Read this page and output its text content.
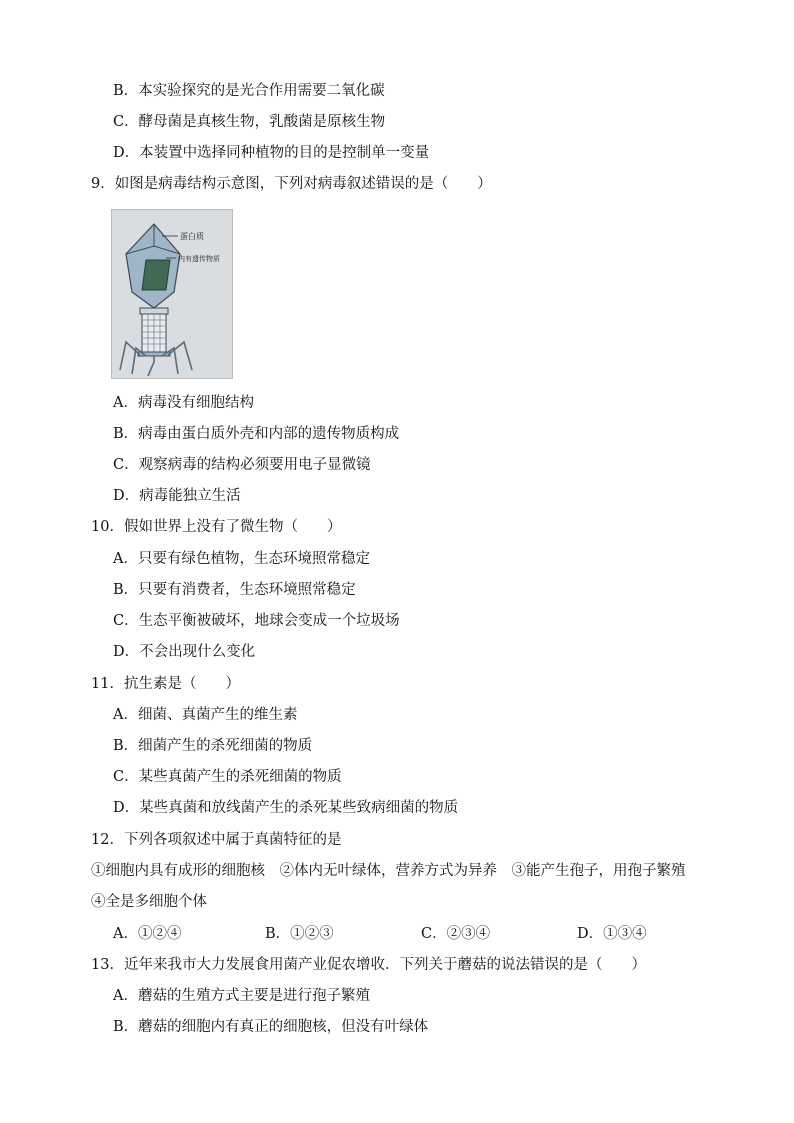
B．本实验探究的是光合作用需要二氧化碳
C．酵母菌是真核生物，乳酸菌是原核生物
D．本装置中选择同种植物的目的是控制单一变量
9．如图是病毒结构示意图，下列对病毒叙述错误的是（　　）
蛋白质
内有遗传物质
A．病毒没有细胞结构
B．病毒由蛋白质外壳和内部的遗传物质构成
C．观察病毒的结构必须要用电子显微镜
D．病毒能独立生活
10．假如世界上没有了微生物（　　）
A．只要有绿色植物，生态环境照常稳定
B．只要有消费者，生态环境照常稳定
C．生态平衡被破坏，地球会变成一个垃圾场
D．不会出现什么变化
11．抗生素是（　　）
A．细菌、真菌产生的维生素
B．细菌产生的杀死细菌的物质
C．某些真菌产生的杀死细菌的物质
D．某些真菌和放线菌产生的杀死某些致病细菌的物质
12．下列各项叙述中属于真菌特征的是
①细胞内具有成形的细胞核　②体内无叶绿体，营养方式为异养　③能产生孢子，用孢子繁殖
④全是多细胞个体
A．①②④	B．①②③	C．②③④	D．①③④
13．近年来我市大力发展食用菌产业促农增收．下列关于蘑菇的说法错误的是（　　）
A．蘑菇的生殖方式主要是进行孢子繁殖
B．蘑菇的细胞内有真正的细胞核，但没有叶绿体
